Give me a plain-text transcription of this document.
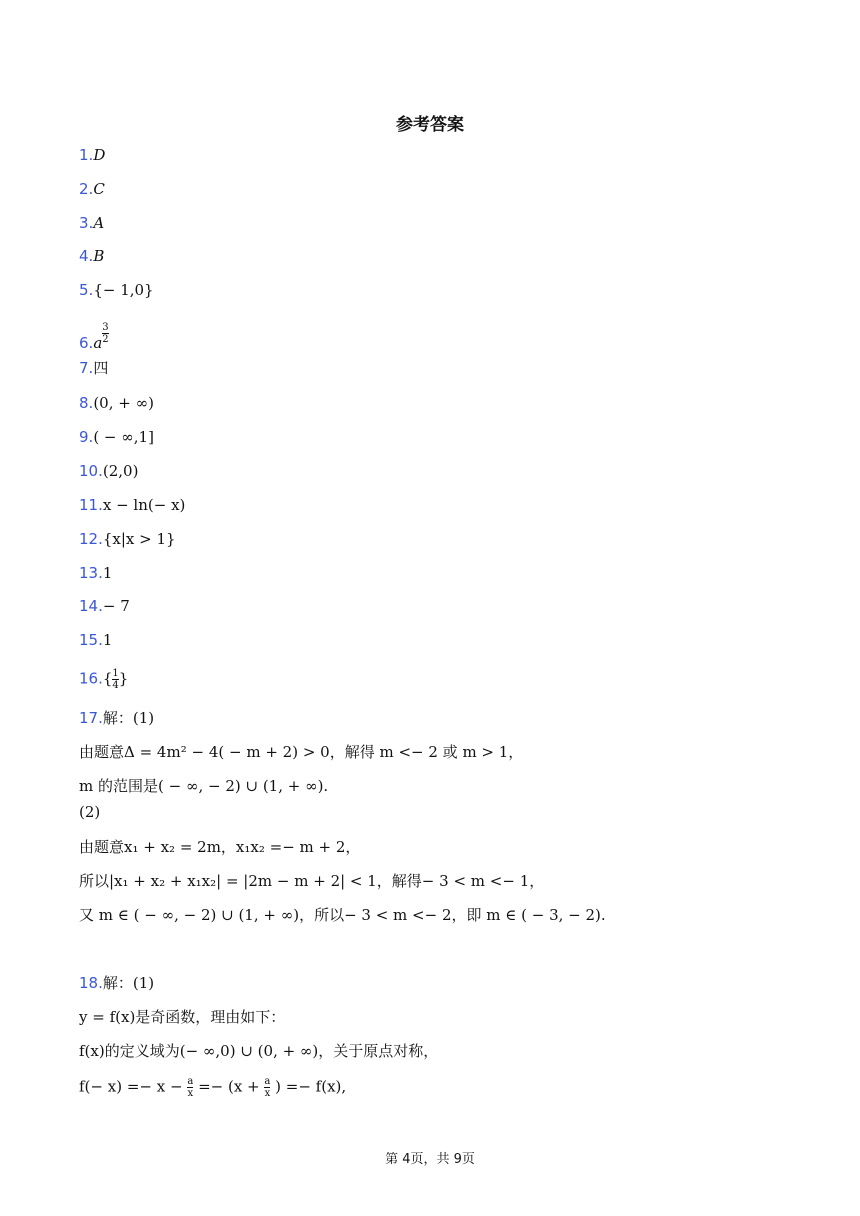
参考答案
1.D
2.C
3.A
4.B
5.{− 1,0}
$6.a \frac{3}{2}$
7.四
8.(0, + ∞)
9.( − ∞,1]
10.(2,0)
11.x − ln(− x)
12.{x|x > 1}
13.1
14.− 7
15.1
$16.\{ \frac{1}{4}$ }
17.解：(1)
由题意Δ = 4m² − 4( − m + 2) > 0，解得 m <− 2 或 m > 1，
m 的范围是( − ∞, − 2) ∪ (1, + ∞).
(2)
由题意x₁ + x₂ = 2m，x₁x₂ =− m + 2，
所以|x₁ + x₂ + x₁x₂| = |2m − m + 2| < 1，解得− 3 < m <− 1，
又 m ∈ ( − ∞, − 2) ∪ (1, + ∞)，所以− 3 < m <− 2，即 m ∈ ( − 3, − 2).
18.解：(1)
y = f(x)是奇函数，理由如下：
f(x)的定义域为(− ∞,0) ∪ (0, + ∞)，关于原点对称，
$f(- x) =- x - \frac{a}{x} =- (x + \frac{a}{x}$ ) =− f(x),
第 4页，共 9页
